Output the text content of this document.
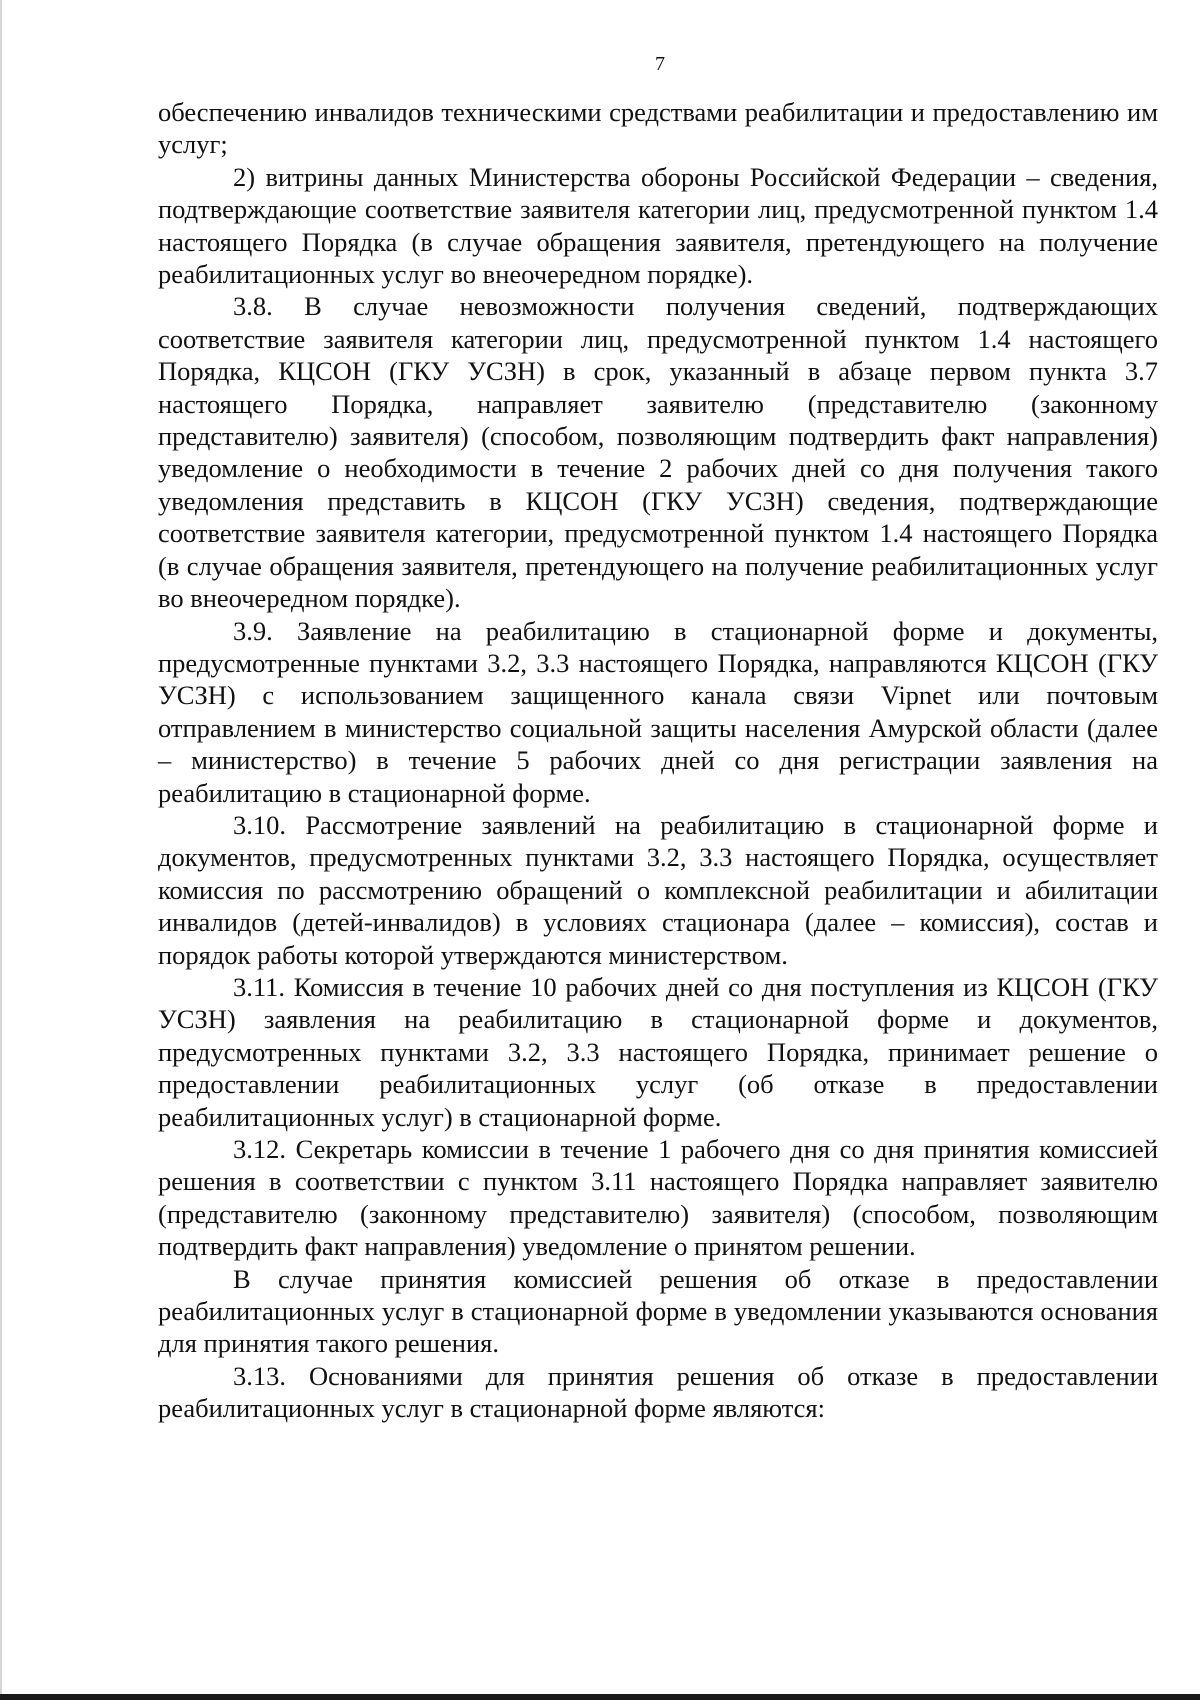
7

обеспечению инвалидов техническими средствами реабилитации и предоставлению им услуг;

2) витрины данных Министерства обороны Российской Федерации – сведения, подтверждающие соответствие заявителя категории лиц, предусмотренной пунктом 1.4 настоящего Порядка (в случае обращения заявителя, претендующего на получение реабилитационных услуг во внеочередном порядке).

3.8. В случае невозможности получения сведений, подтверждающих соответствие заявителя категории лиц, предусмотренной пунктом 1.4 настоящего Порядка, КЦСОН (ГКУ УСЗН) в срок, указанный в абзаце первом пункта 3.7 настоящего Порядка, направляет заявителю (представителю (законному представителю) заявителя) (способом, позволяющим подтвердить факт направления) уведомление о необходимости в течение 2 рабочих дней со дня получения такого уведомления представить в КЦСОН (ГКУ УСЗН) сведения, подтверждающие соответствие заявителя категории, предусмотренной пунктом 1.4 настоящего Порядка (в случае обращения заявителя, претендующего на получение реабилитационных услуг во внеочередном порядке).

3.9. Заявление на реабилитацию в стационарной форме и документы, предусмотренные пунктами 3.2, 3.3 настоящего Порядка, направляются КЦСОН (ГКУ УСЗН) с использованием защищенного канала связи Vipnet или почтовым отправлением в министерство социальной защиты населения Амурской области (далее – министерство) в течение 5 рабочих дней со дня регистрации заявления на реабилитацию в стационарной форме.

3.10. Рассмотрение заявлений на реабилитацию в стационарной форме и документов, предусмотренных пунктами 3.2, 3.3 настоящего Порядка, осуществляет комиссия по рассмотрению обращений о комплексной реабилитации и абилитации инвалидов (детей-инвалидов) в условиях стационара (далее – комиссия), состав и порядок работы которой утверждаются министерством.

3.11. Комиссия в течение 10 рабочих дней со дня поступления из КЦСОН (ГКУ УСЗН) заявления на реабилитацию в стационарной форме и документов, предусмотренных пунктами 3.2, 3.3 настоящего Порядка, принимает решение о предоставлении реабилитационных услуг (об отказе в предоставлении реабилитационных услуг) в стационарной форме.

3.12. Секретарь комиссии в течение 1 рабочего дня со дня принятия комиссией решения в соответствии с пунктом 3.11 настоящего Порядка направляет заявителю (представителю (законному представителю) заявителя) (способом, позволяющим подтвердить факт направления) уведомление о принятом решении.

В случае принятия комиссией решения об отказе в предоставлении реабилитационных услуг в стационарной форме в уведомлении указываются основания для принятия такого решения.

3.13. Основаниями для принятия решения об отказе в предоставлении реабилитационных услуг в стационарной форме являются:
